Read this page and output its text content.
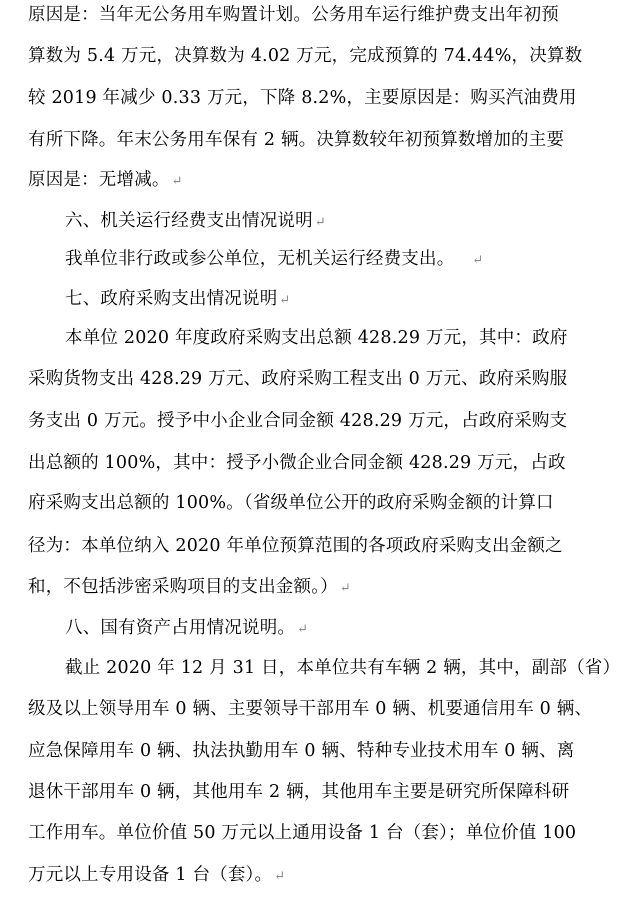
原因是：当年无公务用车购置计划。公务用车运行维护费支出年初预
算数为 5.4 万元，决算数为 4.02 万元，完成预算的 74.44%，决算数
较 2019 年减少 0.33 万元，下降 8.2%，主要原因是：购买汽油费用
有所下降。年末公务用车保有 2 辆。决算数较年初预算数增加的主要
原因是：无增减。 ↵
六、机关运行经费支出情况说明 ↵
我单位非行政或参公单位，无机关运行经费支出。 ↵
七、政府采购支出情况说明 ↵
本单位 2020 年度政府采购支出总额 428.29 万元，其中：政府
采购货物支出 428.29 万元、政府采购工程支出 0 万元、政府采购服
务支出 0 万元。授予中小企业合同金额 428.29 万元，占政府采购支
出总额的 100%，其中：授予小微企业合同金额 428.29 万元，占政
府采购支出总额的 100%。（省级单位公开的政府采购金额的计算口
径为：本单位纳入 2020 年单位预算范围的各项政府采购支出金额之
和，不包括涉密采购项目的支出金额。） ↵
八、国有资产占用情况说明。 ↵
截止 2020 年 12 月 31 日，本单位共有车辆 2 辆，其中，副部（省）
级及以上领导用车 0 辆、主要领导干部用车 0 辆、机要通信用车 0 辆、
应急保障用车 0 辆、执法执勤用车 0 辆、特种专业技术用车 0 辆、离
退休干部用车 0 辆，其他用车 2 辆，其他用车主要是研究所保障科研
工作用车。单位价值 50 万元以上通用设备 1 台（套）；单位价值 100
万元以上专用设备 1 台（套）。 ↵
